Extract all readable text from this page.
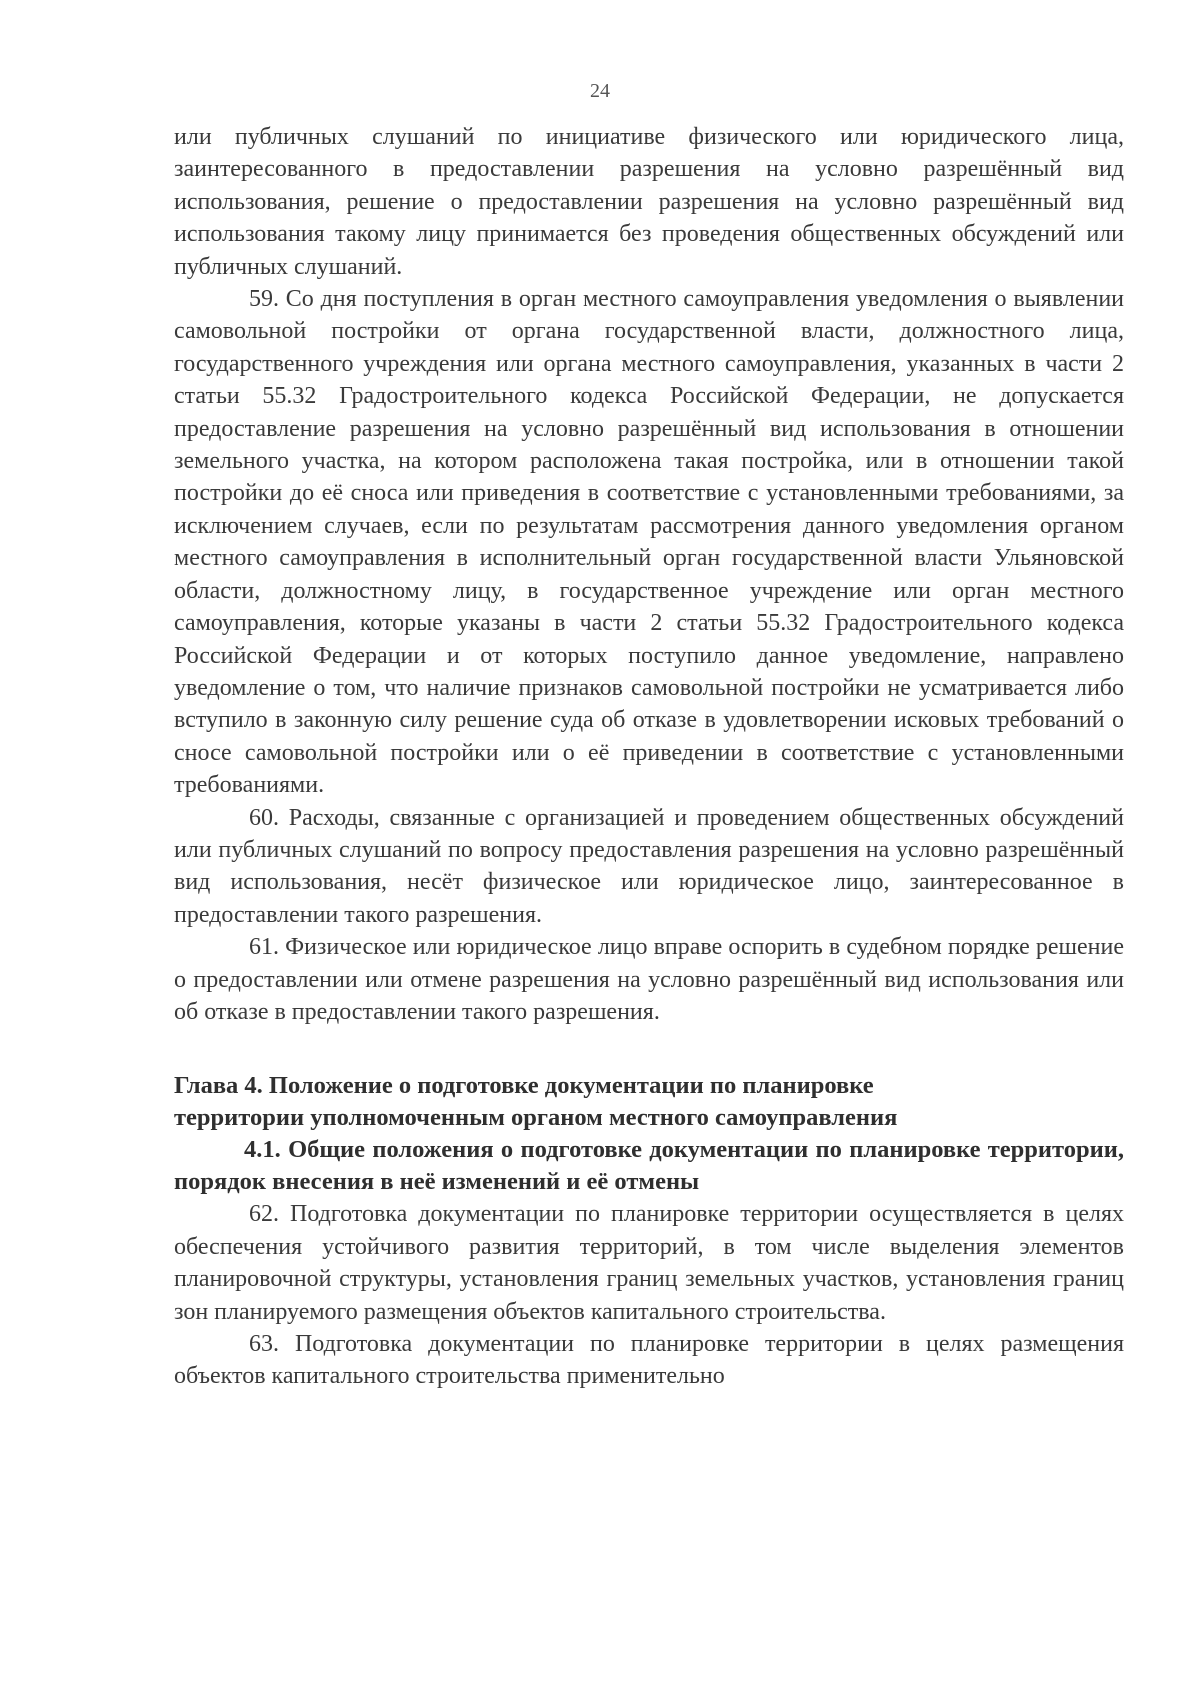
24

или публичных слушаний по инициативе физического или юридического лица, заинтересованного в предоставлении разрешения на условно разрешённый вид использования, решение о предоставлении разрешения на условно разрешённый вид использования такому лицу принимается без проведения общественных обсуждений или публичных слушаний.

59. Со дня поступления в орган местного самоуправления уведомления о выявлении самовольной постройки от органа государственной власти, должностного лица, государственного учреждения или органа местного самоуправления, указанных в части 2 статьи 55.32 Градостроительного кодекса Российской Федерации, не допускается предоставление разрешения на условно разрешённый вид использования в отношении земельного участка, на котором расположена такая постройка, или в отношении такой постройки до её сноса или приведения в соответствие с установленными требованиями, за исключением случаев, если по результатам рассмотрения данного уведомления органом местного самоуправления в исполнительный орган государственной власти Ульяновской области, должностному лицу, в государственное учреждение или орган местного самоуправления, которые указаны в части 2 статьи 55.32 Градостроительного кодекса Российской Федерации и от которых поступило данное уведомление, направлено уведомление о том, что наличие признаков самовольной постройки не усматривается либо вступило в законную силу решение суда об отказе в удовлетворении исковых требований о сносе самовольной постройки или о её приведении в соответствие с установленными требованиями.

60. Расходы, связанные с организацией и проведением общественных обсуждений или публичных слушаний по вопросу предоставления разрешения на условно разрешённый вид использования, несёт физическое или юридическое лицо, заинтересованное в предоставлении такого разрешения.

61. Физическое или юридическое лицо вправе оспорить в судебном порядке решение о предоставлении или отмене разрешения на условно разрешённый вид использования или об отказе в предоставлении такого разрешения.

Глава 4. Положение о подготовке документации по планировке

территории уполномоченным органом местного самоуправления

4.1. Общие положения о подготовке документации по планировке территории, порядок внесения в неё изменений и её отмены

62. Подготовка документации по планировке территории осуществляется в целях обеспечения устойчивого развития территорий, в том числе выделения элементов планировочной структуры, установления границ земельных участков, установления границ зон планируемого размещения объектов капитального строительства.

63. Подготовка документации по планировке территории в целях размещения объектов капитального строительства применительно
